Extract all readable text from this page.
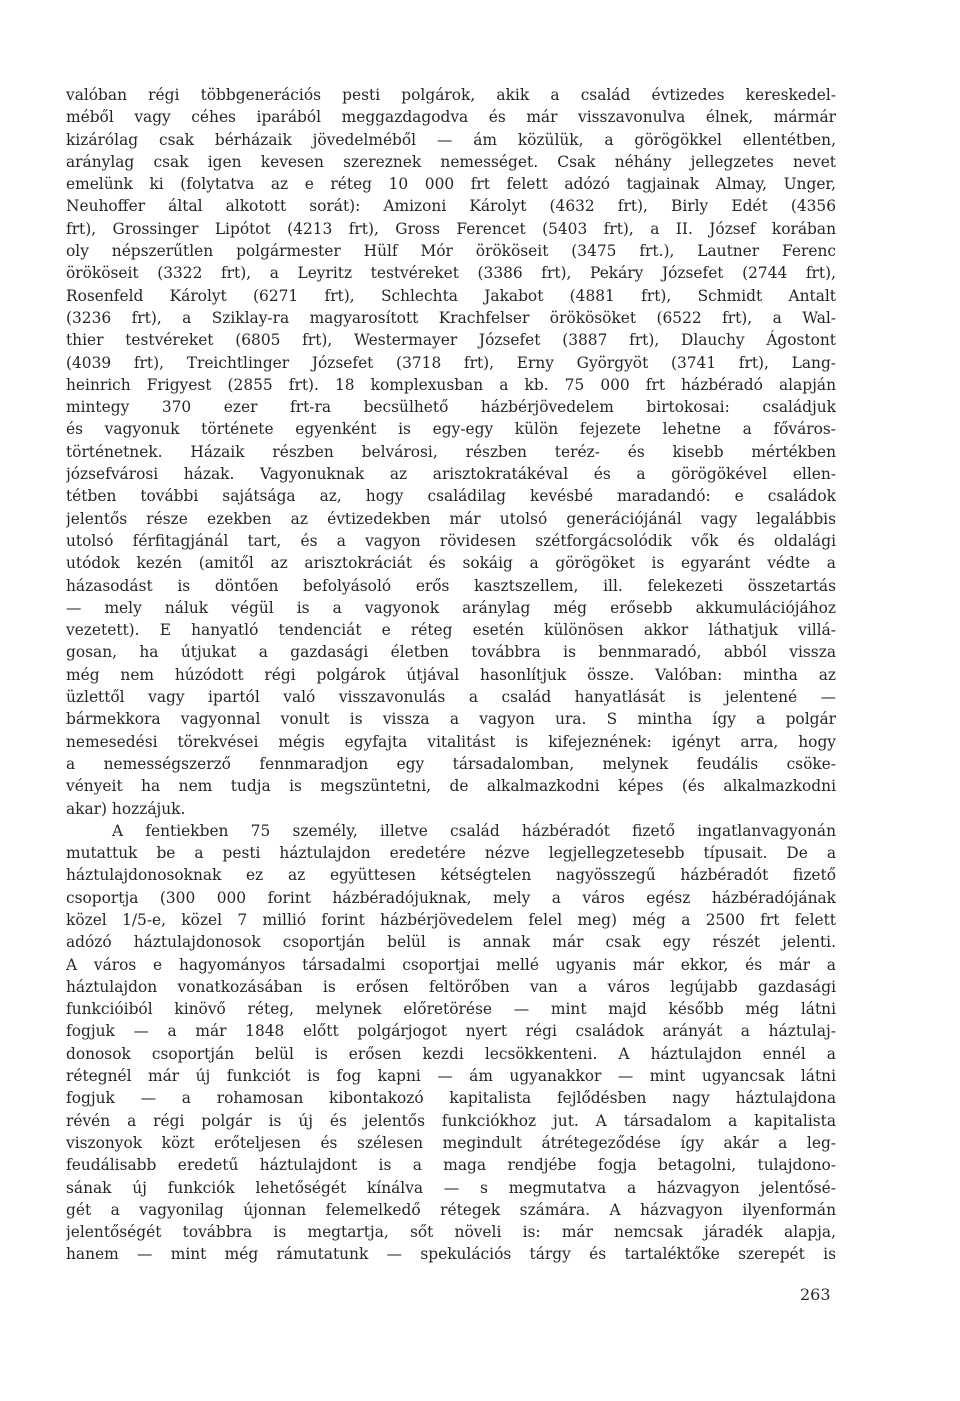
valóban régi többgenerációs pesti polgárok, akik a család évtizedes kereskedel-
méből vagy céhes iparából meggazdagodva és már visszavonulva élnek, mármár
kizárólag csak bérházaik jövedelméből — ám közülük, a görögökkel ellentétben,
aránylag csak igen kevesen szereznek nemességet. Csak néhány jellegzetes nevet
emelünk ki (folytatva az e réteg 10 000 frt felett adózó tagjainak Almay, Unger,
Neuhoffer által alkotott sorát): Amizoni Károlyt (4632 frt), Birly Edét (4356
frt), Grossinger Lipótot (4213 frt), Gross Ferencet (5403 frt), a II. József korában
oly népszerűtlen polgármester Hülf Mór örököseit (3475 frt.), Lautner Ferenc
örököseit (3322 frt), a Leyritz testvéreket (3386 frt), Pekáry Józsefet (2744 frt),
Rosenfeld Károlyt (6271 frt), Schlechta Jakabot (4881 frt), Schmidt Antalt
(3236 frt), a Sziklay-ra magyarosított Krachfelser örökösöket (6522 frt), a Wal-
thier testvéreket (6805 frt), Westermayer Józsefet (3887 frt), Dlauchy Ágostont
(4039 frt), Treichtlinger Józsefet (3718 frt), Erny Györgyöt (3741 frt), Lang-
heinrich Frigyest (2855 frt). 18 komplexusban a kb. 75 000 frt házbéradó alapján
mintegy 370 ezer frt-ra becsülhető házbérjövedelem birtokosai: családjuk
és vagyonuk története egyenként is egy-egy külön fejezete lehetne a főváros-
történetnek. Házaik részben belvárosi, részben teréz- és kisebb mértékben
józsefvárosi házak. Vagyonuknak az arisztokratákéval és a görögökével ellen-
tétben további sajátsága az, hogy családilag kevésbé maradandó: e családok
jelentős része ezekben az évtizedekben már utolsó generációjánál vagy legalábbis
utolsó férfitagjánál tart, és a vagyon rövidesen szétforgácsolódik vők és oldalági
utódok kezén (amitől az arisztokráciát és sokáig a görögöket is egyaránt védte a
házasodást is döntően befolyásoló erős kasztszellem, ill. felekezeti összetartás
— mely náluk végül is a vagyonok aránylag még erősebb akkumulációjához
vezetett). E hanyatló tendenciát e réteg esetén különösen akkor láthatjuk villá-
gosan, ha útjukat a gazdasági életben továbbra is bennmaradó, abból vissza
még nem húzódott régi polgárok útjával hasonlítjuk össze. Valóban: mintha az
üzlettől vagy ipartól való visszavonulás a család hanyatlását is jelentené —
bármekkora vagyonnal vonult is vissza a vagyon ura. S mintha így a polgár
nemesedési törekvései mégis egyfajta vitalitást is kifejeznének: igényt arra, hogy
a nemességszerző fennmaradjon egy társadalomban, melynek feudális csöke-
vényeit ha nem tudja is megszüntetni, de alkalmazkodni képes (és alkalmazkodni
akar) hozzájuk.
A fentiekben 75 személy, illetve család házbéradót fizető ingatlanvagyonán
mutattuk be a pesti háztulajdon eredetére nézve legjellegzetesebb típusait. De a
háztulajdonosoknak ez az együttesen kétségtelen nagyösszegű házbéradót fizető
csoportja (300 000 forint házbéradójuknak, mely a város egész házbéradójának
közel 1/5-e, közel 7 millió forint házbérjövedelem felel meg) még a 2500 frt felett
adózó háztulajdonosok csoportján belül is annak már csak egy részét jelenti.
A város e hagyományos társadalmi csoportjai mellé ugyanis már ekkor, és már a
háztulajdon vonatkozásában is erősen feltörőben van a város legújabb gazdasági
funkcióiból kinövő réteg, melynek előretörése — mint majd később még látni
fogjuk — a már 1848 előtt polgárjogot nyert régi családok arányát a háztulaj-
donosok csoportján belül is erősen kezdi lecsökkenteni. A háztulajdon ennél a
rétegnél már új funkciót is fog kapni — ám ugyanakkor — mint ugyancsak látni
fogjuk — a rohamosan kibontakozó kapitalista fejlődésben nagy háztulajdona
révén a régi polgár is új és jelentős funkciókhoz jut. A társadalom a kapitalista
viszonyok közt erőteljesen és szélesen megindult átrétegeződése így akár a leg-
feudálisabb eredetű háztulajdont is a maga rendjébe fogja betagolni, tulajdono-
sának új funkciók lehetőségét kínálva — s megmutatva a házvagyon jelentősé-
gét a vagyonilag újonnan felemelkedő rétegek számára. A házvagyon ilyenformán
jelentőségét továbbra is megtartja, sőt növeli is: már nemcsak járadék alapja,
hanem — mint még rámutatunk — spekulációs tárgy és tartaléktőke szerepét is
263
